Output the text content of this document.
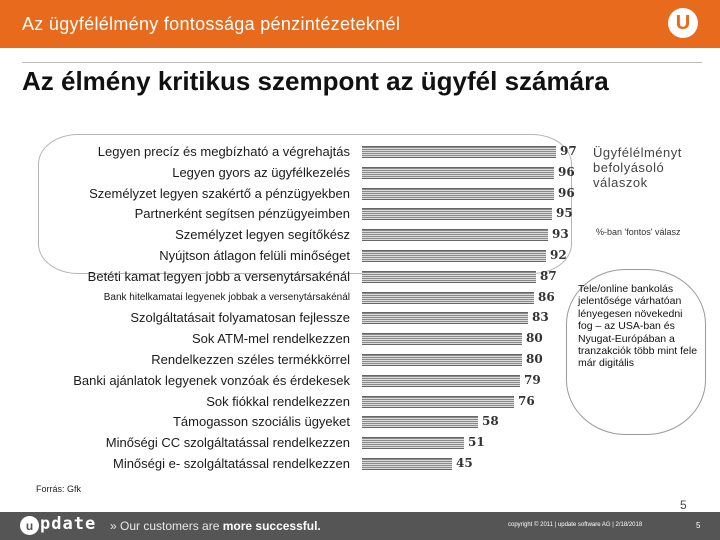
Az ügyfélélmény fontossága pénzintézeteknél	U
Az élmény kritikus szempont az ügyfél számára
Legyen precíz és megbízható a végrehajtás	97
Legyen gyors az ügyfélkezelés	96
Személyzet legyen szakértő a pénzügyekben	96
Partnerként segítsen pénzügyeimben	95
Személyzet legyen segítőkész	93
Nyújtson átlagon felüli minőséget	92
Betéti kamat legyen jobb a versenytársakénál	87
Bank hitelkamatai legyenek jobbak a versenytársakénál	86
Szolgáltatásait folyamatosan fejlessze	83
Sok ATM-mel rendelkezzen	80
Rendelkezzen széles termékkörrel	80
Banki ajánlatok legyenek vonzóak és érdekesek	79
Sok fiókkal rendelkezzen	76
Támogasson szociális ügyeket	58
Minőségi CC szolgáltatással rendelkezzen	51
Minőségi e- szolgáltatással rendelkezzen	45
Ügyfélélményt befolyásoló válaszok
%-ban 'fontos' válasz
Tele/online bankolás jelentősége várhatóan lényegesen növekedni fog – az USA-ban és Nyugat-Európában a tranzakciók több mint fele már digitális
Forrás: Gfk
5
u pdate » Our customers are more successful.	copyright © 2011 | update software AG | 2/18/2018	5
